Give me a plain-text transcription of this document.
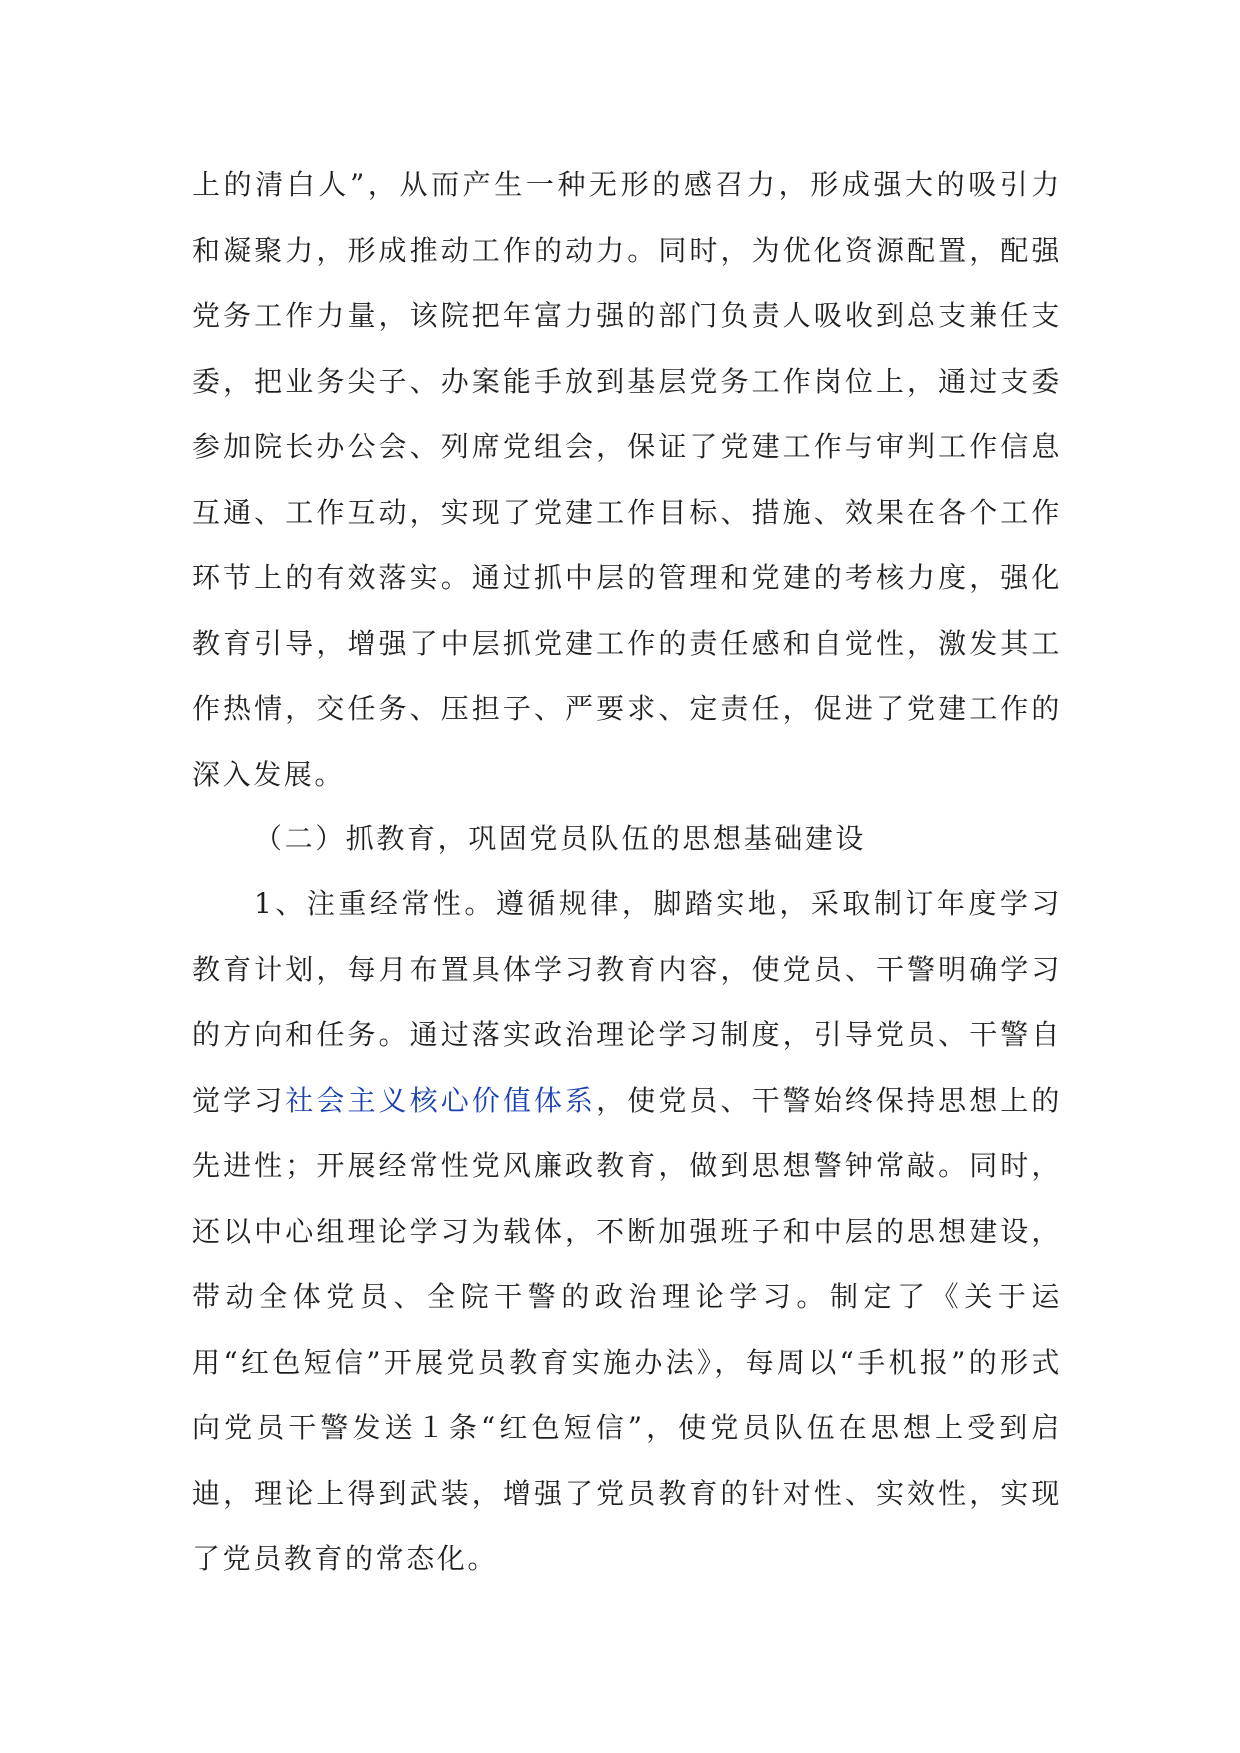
上的清白人”，从而产生一种无形的感召力，形成强大的吸引力和凝聚力，形成推动工作的动力。同时，为优化资源配置，配强党务工作力量，该院把年富力强的部门负责人吸收到总支兼任支委，把业务尖子、办案能手放到基层党务工作岗位上，通过支委参加院长办公会、列席党组会，保证了党建工作与审判工作信息互通、工作互动，实现了党建工作目标、措施、效果在各个工作环节上的有效落实。通过抓中层的管理和党建的考核力度，强化教育引导，增强了中层抓党建工作的责任感和自觉性，激发其工作热情，交任务、压担子、严要求、定责任，促进了党建工作的深入发展。

（二）抓教育，巩固党员队伍的思想基础建设

1、注重经常性。遵循规律，脚踏实地，采取制订年度学习教育计划，每月布置具体学习教育内容，使党员、干警明确学习的方向和任务。通过落实政治理论学习制度，引导党员、干警自觉学习社会主义核心价值体系，使党员、干警始终保持思想上的先进性；开展经常性党风廉政教育，做到思想警钟常敲。同时，还以中心组理论学习为载体，不断加强班子和中层的思想建设，带动全体党员、全院干警的政治理论学习。制定了《关于运用“红色短信”开展党员教育实施办法》，每周以“手机报”的形式向党员干警发送１条“红色短信”，使党员队伍在思想上受到启迪，理论上得到武装，增强了党员教育的针对性、实效性，实现了党员教育的常态化。
